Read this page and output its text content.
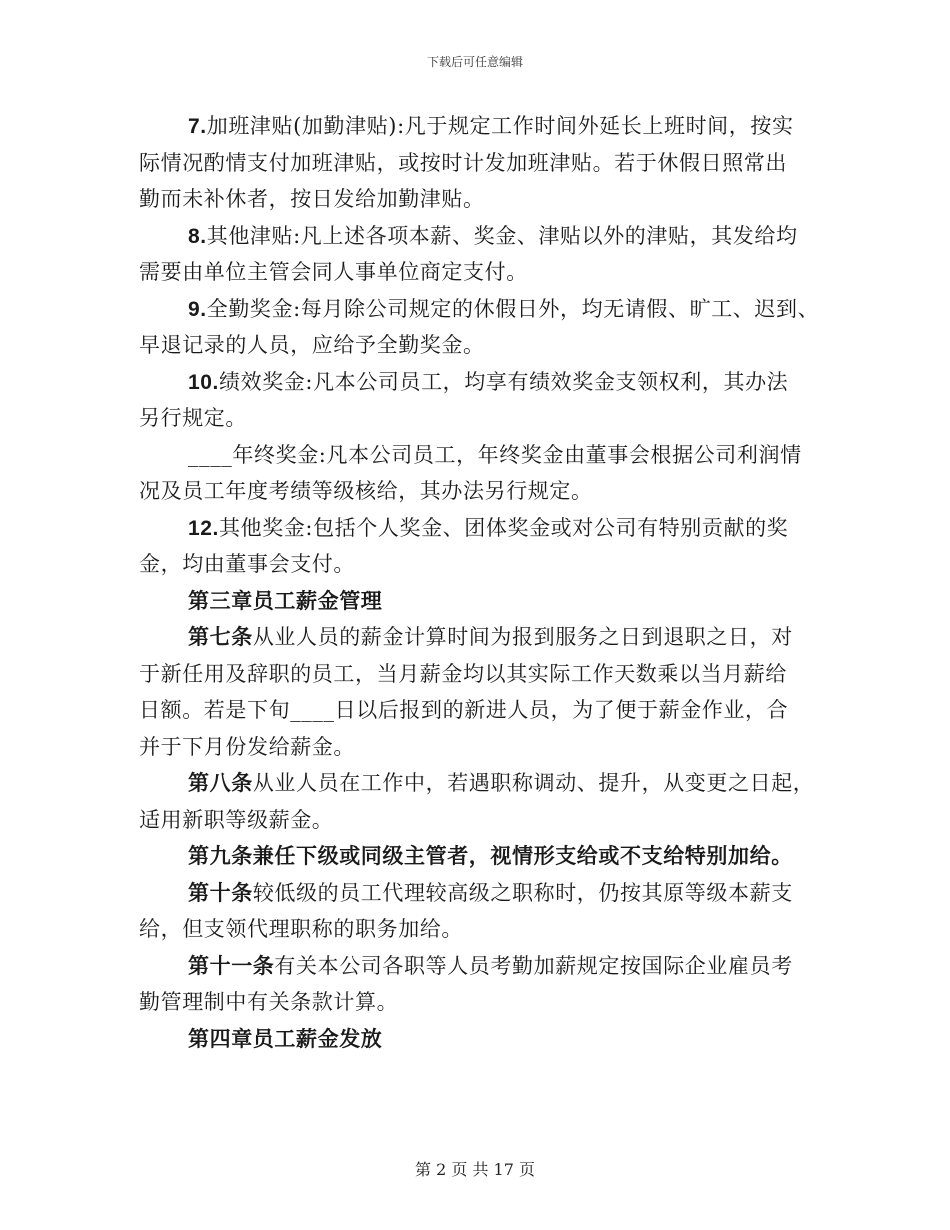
下载后可任意编辑
7.加班津贴(加勤津贴):凡于规定工作时间外延长上班时间，按实
际情况酌情支付加班津贴，或按时计发加班津贴。若于休假日照常出
勤而未补休者，按日发给加勤津贴。
8.其他津贴:凡上述各项本薪、奖金、津贴以外的津贴，其发给均
需要由单位主管会同人事单位商定支付。
9.全勤奖金:每月除公司规定的休假日外，均无请假、旷工、迟到、
早退记录的人员，应给予全勤奖金。
10.绩效奖金:凡本公司员工，均享有绩效奖金支领权利，其办法
另行规定。
____年终奖金:凡本公司员工，年终奖金由董事会根据公司利润情
况及员工年度考绩等级核给，其办法另行规定。
12.其他奖金:包括个人奖金、团体奖金或对公司有特别贡献的奖
金，均由董事会支付。
第三章员工薪金管理
第七条从业人员的薪金计算时间为报到服务之日到退职之日，对
于新任用及辞职的员工，当月薪金均以其实际工作天数乘以当月薪给
日额。若是下旬____日以后报到的新进人员，为了便于薪金作业，合
并于下月份发给薪金。
第八条从业人员在工作中，若遇职称调动、提升，从变更之日起，
适用新职等级薪金。
第九条兼任下级或同级主管者，视情形支给或不支给特别加给。
第十条较低级的员工代理较高级之职称时，仍按其原等级本薪支
给，但支领代理职称的职务加给。
第十一条有关本公司各职等人员考勤加薪规定按国际企业雇员考
勤管理制中有关条款计算。
第四章员工薪金发放
第 2 页 共 17 页
